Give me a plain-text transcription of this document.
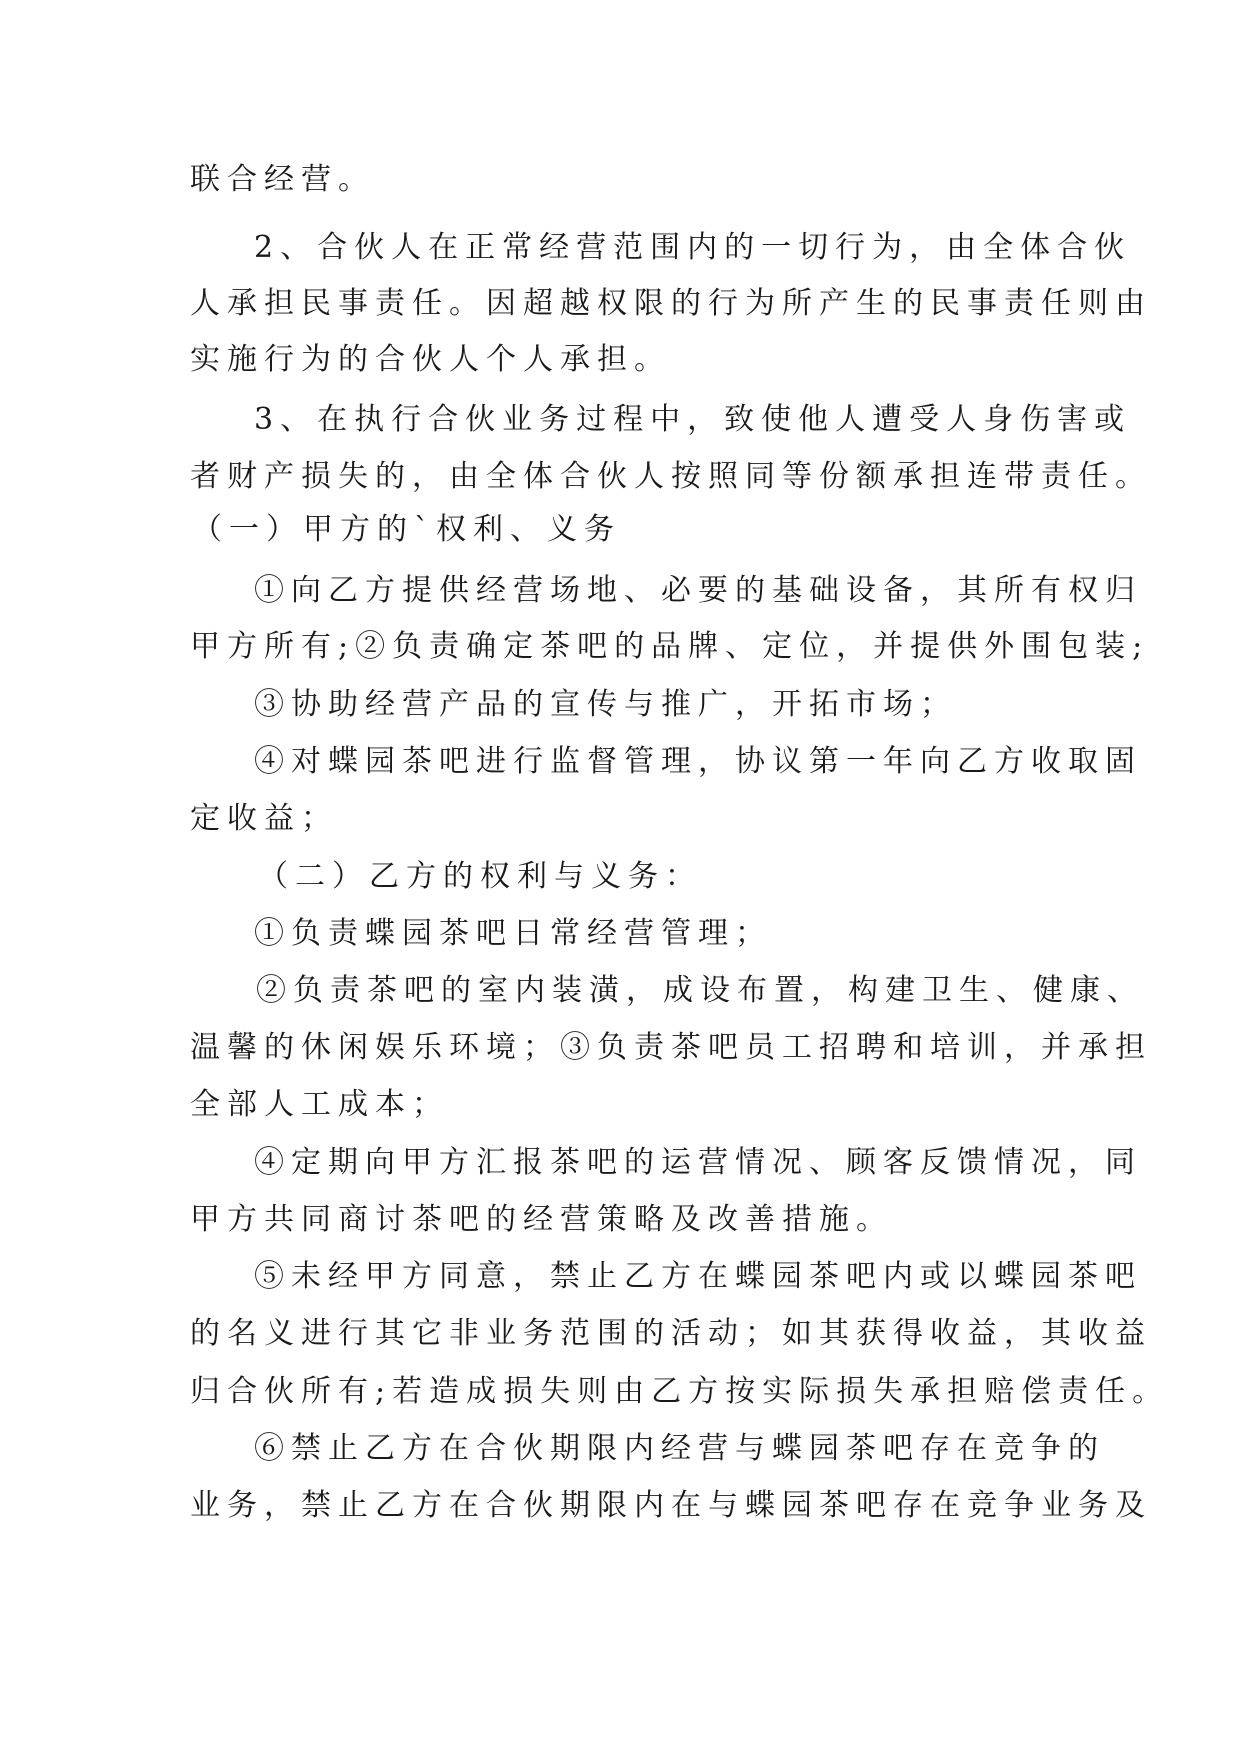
联合经营。
2、合伙人在正常经营范围内的一切行为，由全体合伙
人承担民事责任。因超越权限的行为所产生的民事责任则由
实施行为的合伙人个人承担。
3、在执行合伙业务过程中，致使他人遭受人身伤害或
者财产损失的，由全体合伙人按照同等份额承担连带责任。
（一）甲方的`权利、义务
①向乙方提供经营场地、必要的基础设备，其所有权归
甲方所有;②负责确定茶吧的品牌、定位，并提供外围包装;
③协助经营产品的宣传与推广，开拓市场；
④对蝶园茶吧进行监督管理，协议第一年向乙方收取固
定收益；
（二）乙方的权利与义务：
①负责蝶园茶吧日常经营管理；
②负责茶吧的室内装潢，成设布置，构建卫生、健康、
温馨的休闲娱乐环境；③负责茶吧员工招聘和培训，并承担
全部人工成本；
④定期向甲方汇报茶吧的运营情况、顾客反馈情况，同
甲方共同商讨茶吧的经营策略及改善措施。
⑤未经甲方同意，禁止乙方在蝶园茶吧内或以蝶园茶吧
的名义进行其它非业务范围的活动；如其获得收益，其收益
归合伙所有;若造成损失则由乙方按实际损失承担赔偿责任。
⑥禁止乙方在合伙期限内经营与蝶园茶吧存在竞争的
业务，禁止乙方在合伙期限内在与蝶园茶吧存在竞争业务及
